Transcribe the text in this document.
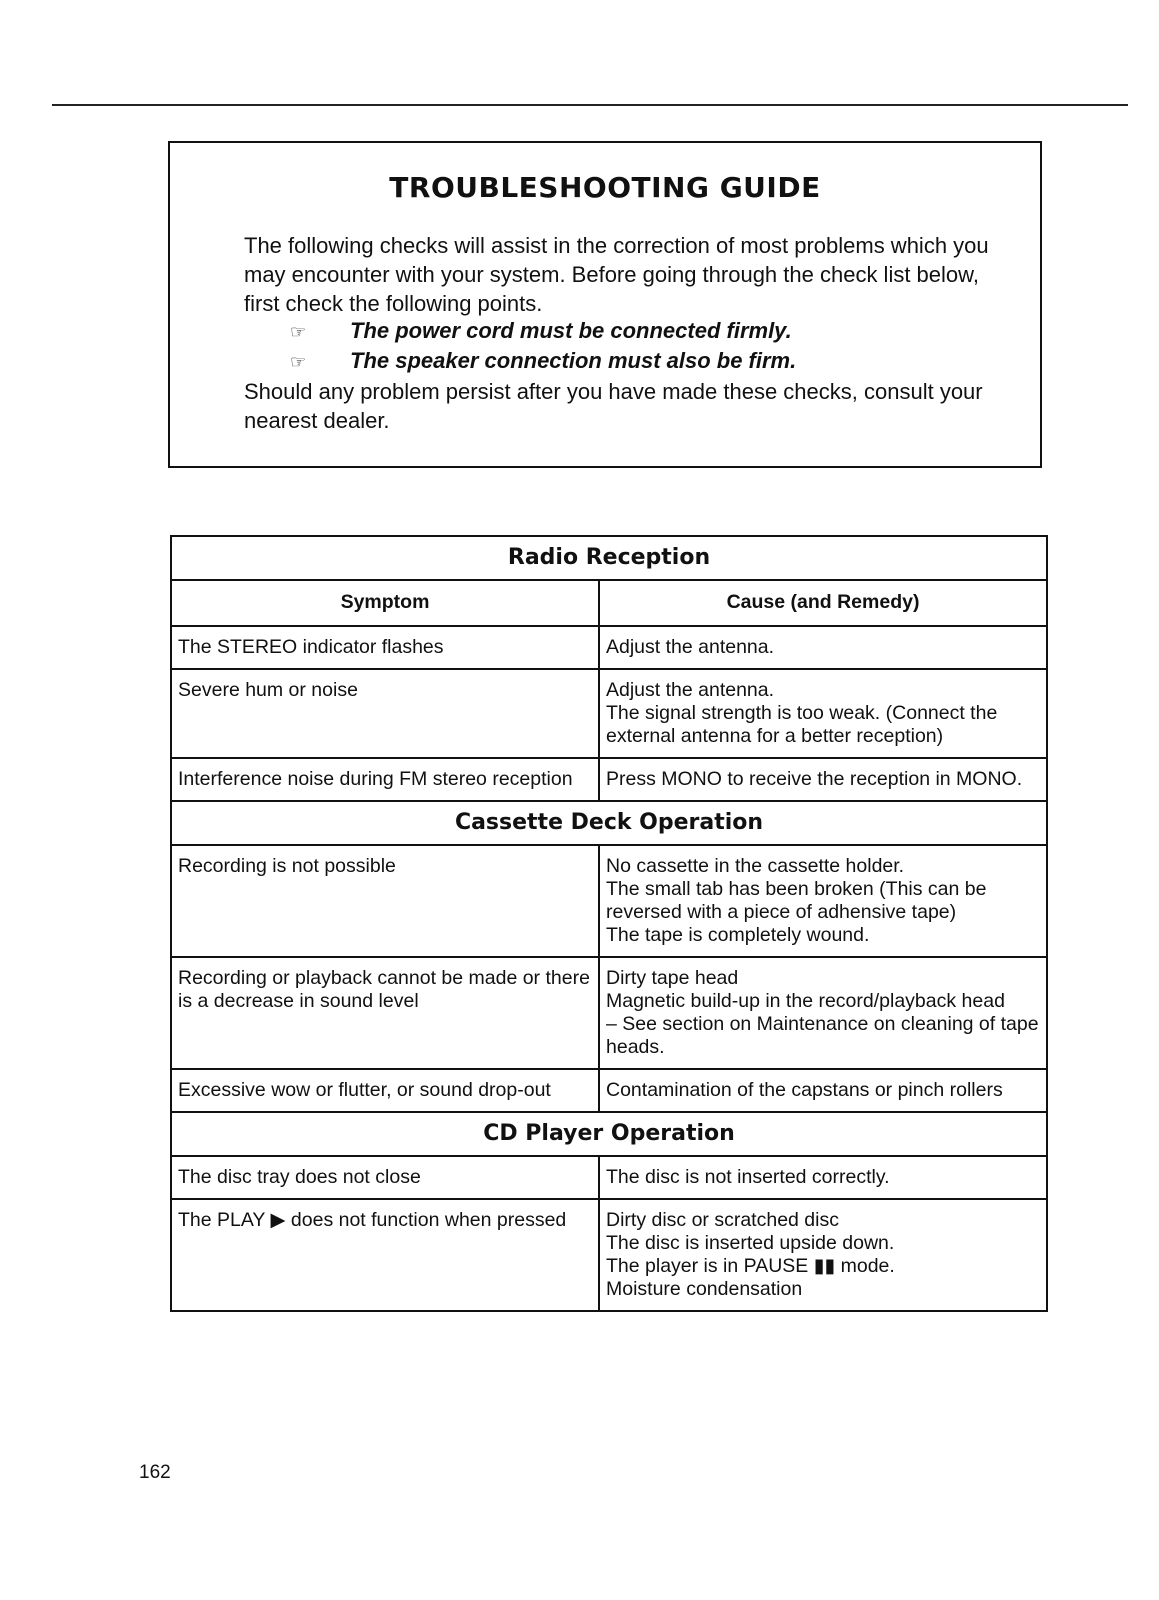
TROUBLESHOOTING GUIDE

The following checks will assist in the correction of most problems which you may encounter with your system. Before going through the check list below, first check the following points.

☞ The power cord must be connected firmly.
☞ The speaker connection must also be firm.

Should any problem persist after you have made these checks, consult your nearest dealer.

Radio Reception	
Symptom	Cause (and Remedy)
The STEREO indicator flashes	Adjust the antenna.

Severe hum or noise	Adjust the antenna.
The signal strength is too weak. (Connect the external antenna for a better reception)

Interference noise during FM stereo reception	Press MONO to receive the reception in MONO.

Cassette Deck Operation	
Recording is not possible	No cassette in the cassette holder.
The small tab has been broken (This can be reversed with a piece of adhensive tape)
The tape is completely wound.

Recording or playback cannot be made or there is a decrease in sound level	Dirty tape head
Magnetic build-up in the record/playback head
– See section on Maintenance on cleaning of tape heads.

Excessive wow or flutter, or sound drop-out	Contamination of the capstans or pinch rollers

CD Player Operation	
The disc tray does not close	The disc is not inserted correctly.

The PLAY ▶ does not function when pressed	Dirty disc or scratched disc
The disc is inserted upside down.
The player is in PAUSE ▮▮ mode.
Moisture condensation
162
